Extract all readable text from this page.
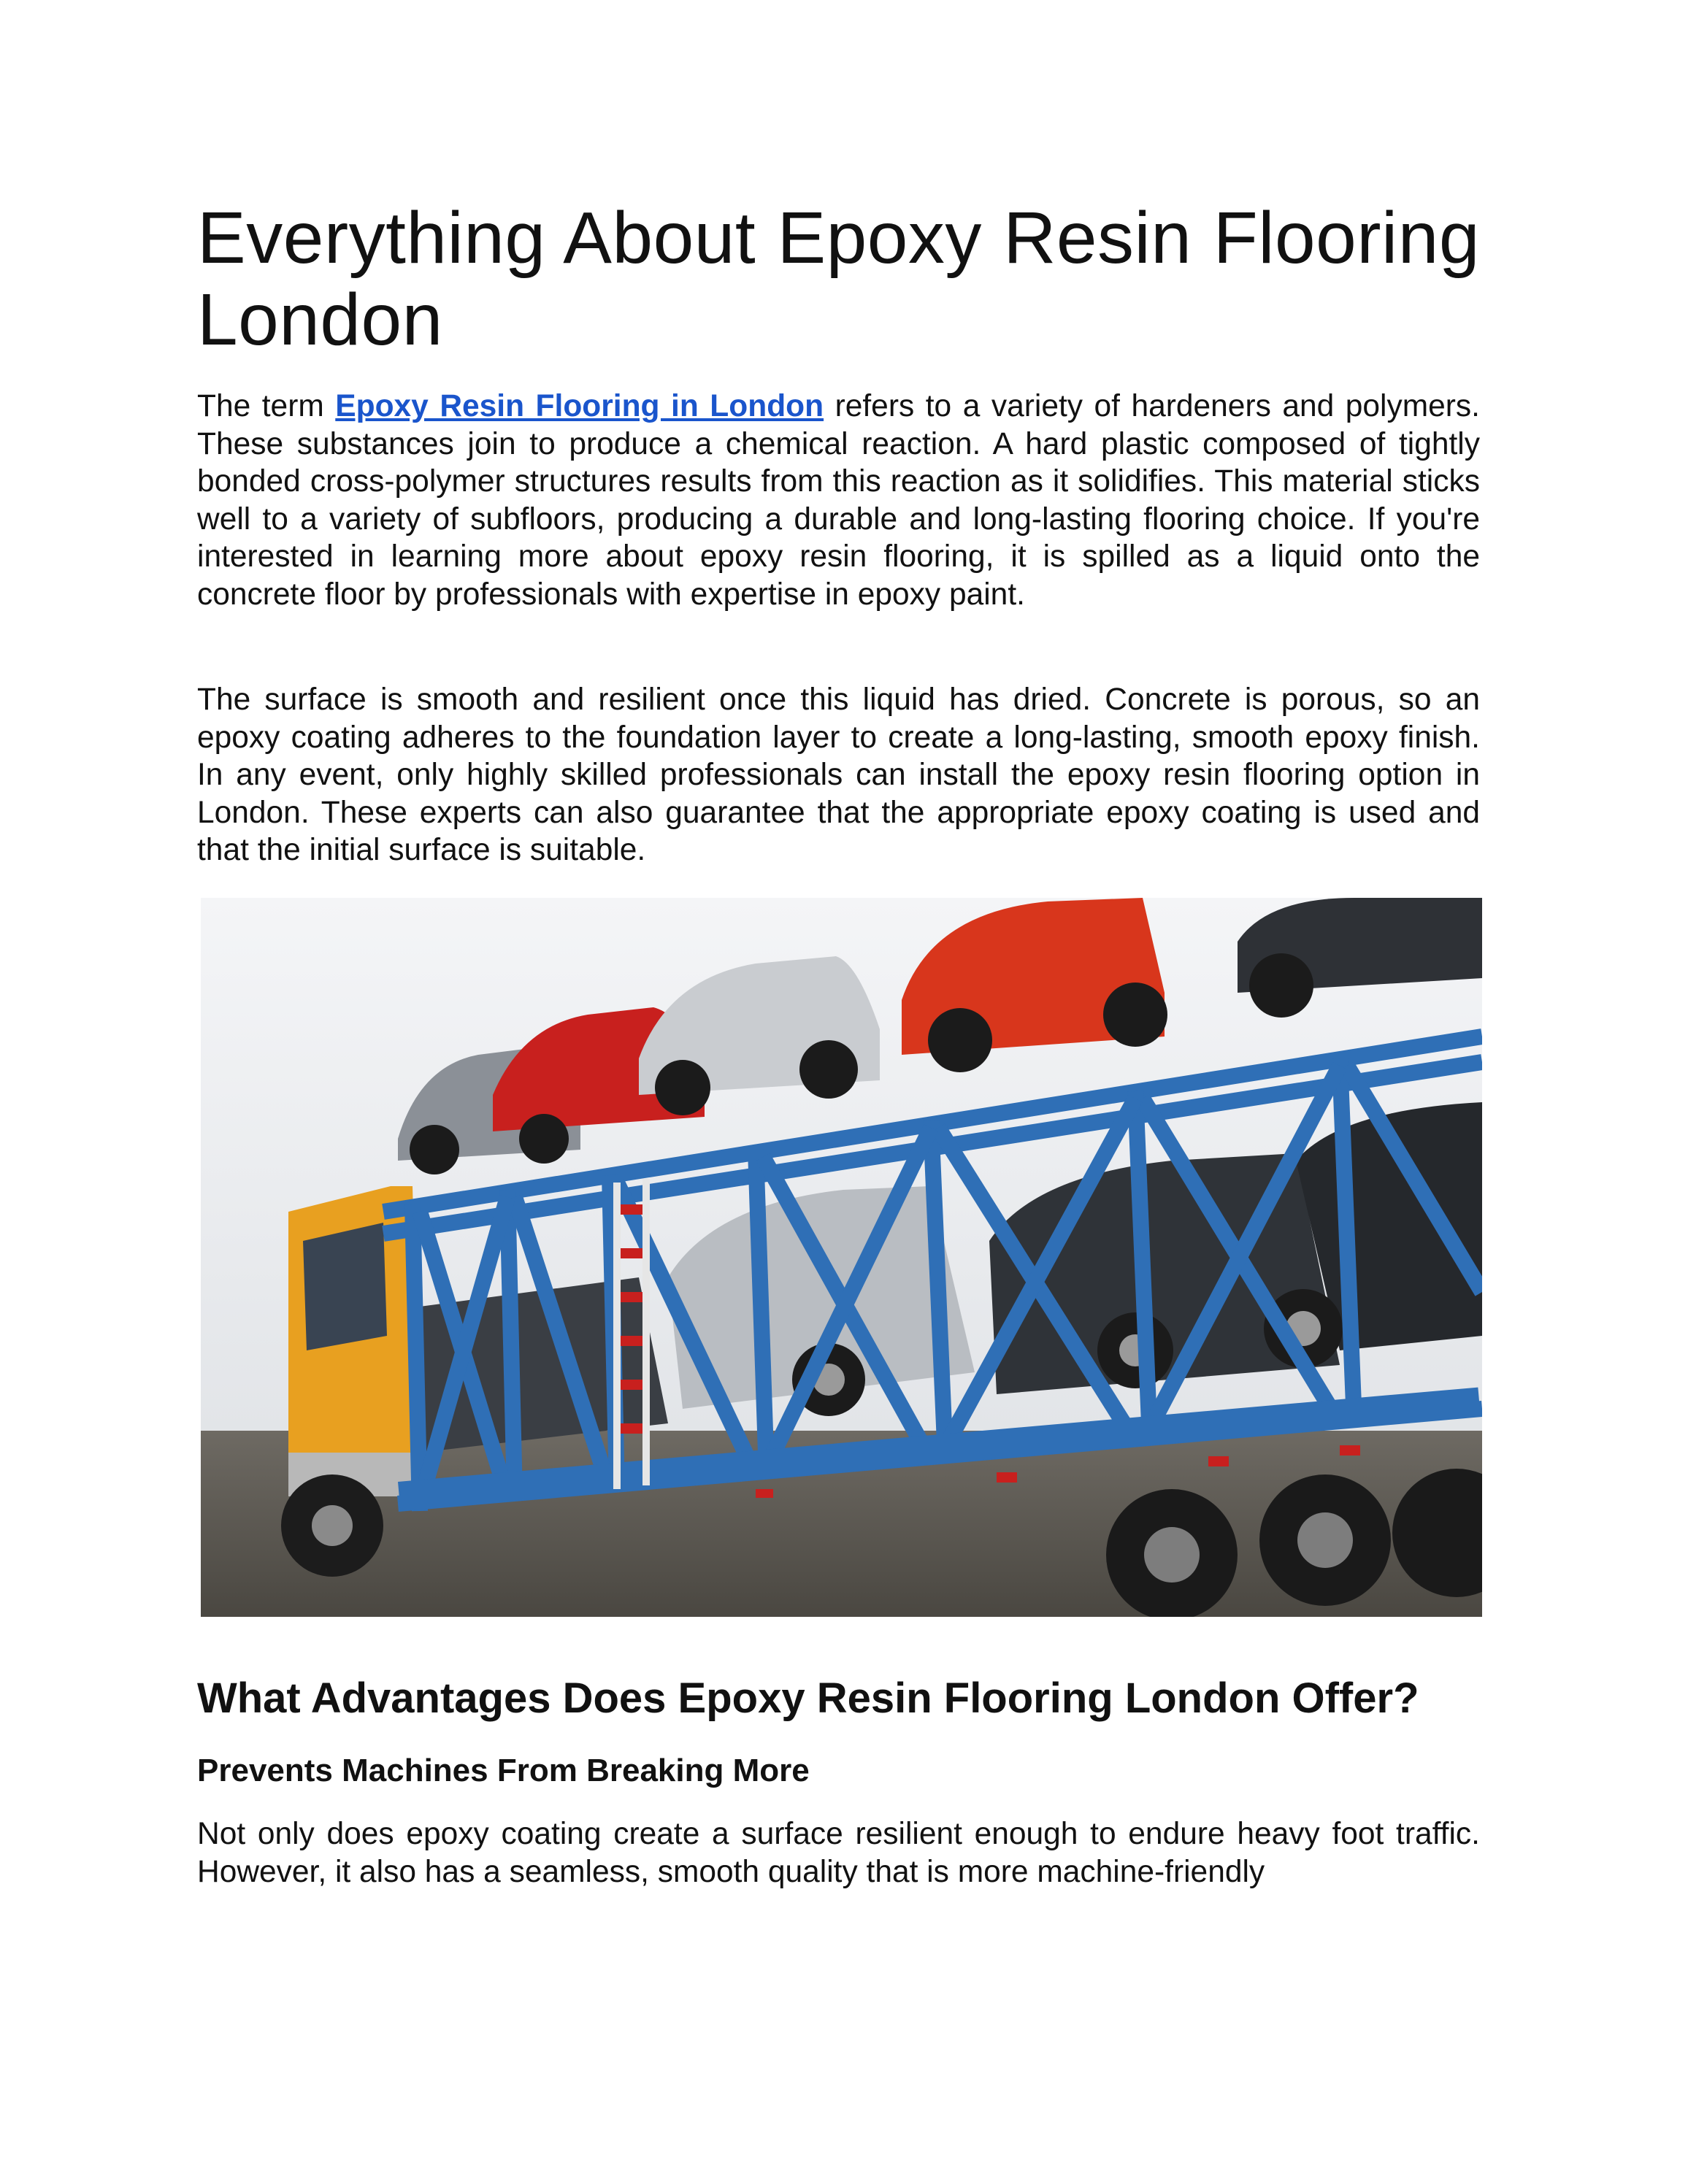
Everything About Epoxy Resin Flooring London

The term Epoxy Resin Flooring in London refers to a variety of hardeners and polymers. These substances join to produce a chemical reaction. A hard plastic composed of tightly bonded cross-polymer structures results from this reaction as it solidifies. This material sticks well to a variety of subfloors, producing a durable and long-lasting flooring choice. If you're interested in learning more about epoxy resin flooring, it is spilled as a liquid onto the concrete floor by professionals with expertise in epoxy paint.

The surface is smooth and resilient once this liquid has dried. Concrete is porous, so an epoxy coating adheres to the foundation layer to create a long-lasting, smooth epoxy finish. In any event, only highly skilled professionals can install the epoxy resin flooring option in London. These experts can also guarantee that the appropriate epoxy coating is used and that the initial surface is suitable.

What Advantages Does Epoxy Resin Flooring London Offer?
Prevents Machines From Breaking More

Not only does epoxy coating create a surface resilient enough to endure heavy foot traffic. However, it also has a seamless, smooth quality that is more machine-friendly
